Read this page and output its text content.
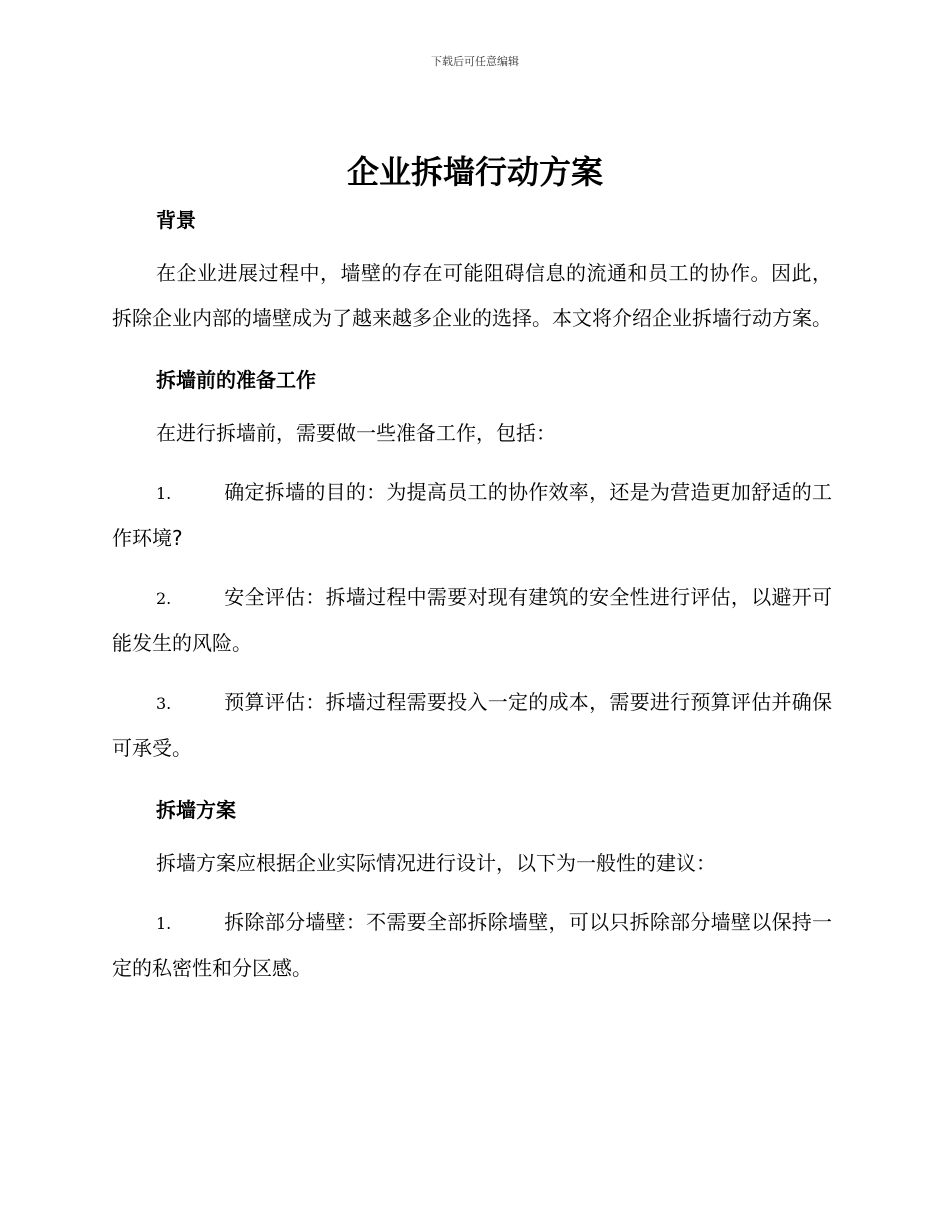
下载后可任意编辑
企业拆墙行动方案

背景

在企业进展过程中，墙壁的存在可能阻碍信息的流通和员工的协作。因此，拆除企业内部的墙壁成为了越来越多企业的选择。本文将介绍企业拆墙行动方案。

拆墙前的准备工作

在进行拆墙前，需要做一些准备工作，包括：

1.	确定拆墙的目的：为提高员工的协作效率，还是为营造更加舒适的工作环境?

2.	安全评估：拆墙过程中需要对现有建筑的安全性进行评估，以避开可能发生的风险。

3.	预算评估：拆墙过程需要投入一定的成本，需要进行预算评估并确保可承受。

拆墙方案

拆墙方案应根据企业实际情况进行设计，以下为一般性的建议：

1.	拆除部分墙壁：不需要全部拆除墙壁，可以只拆除部分墙壁以保持一定的私密性和分区感。
